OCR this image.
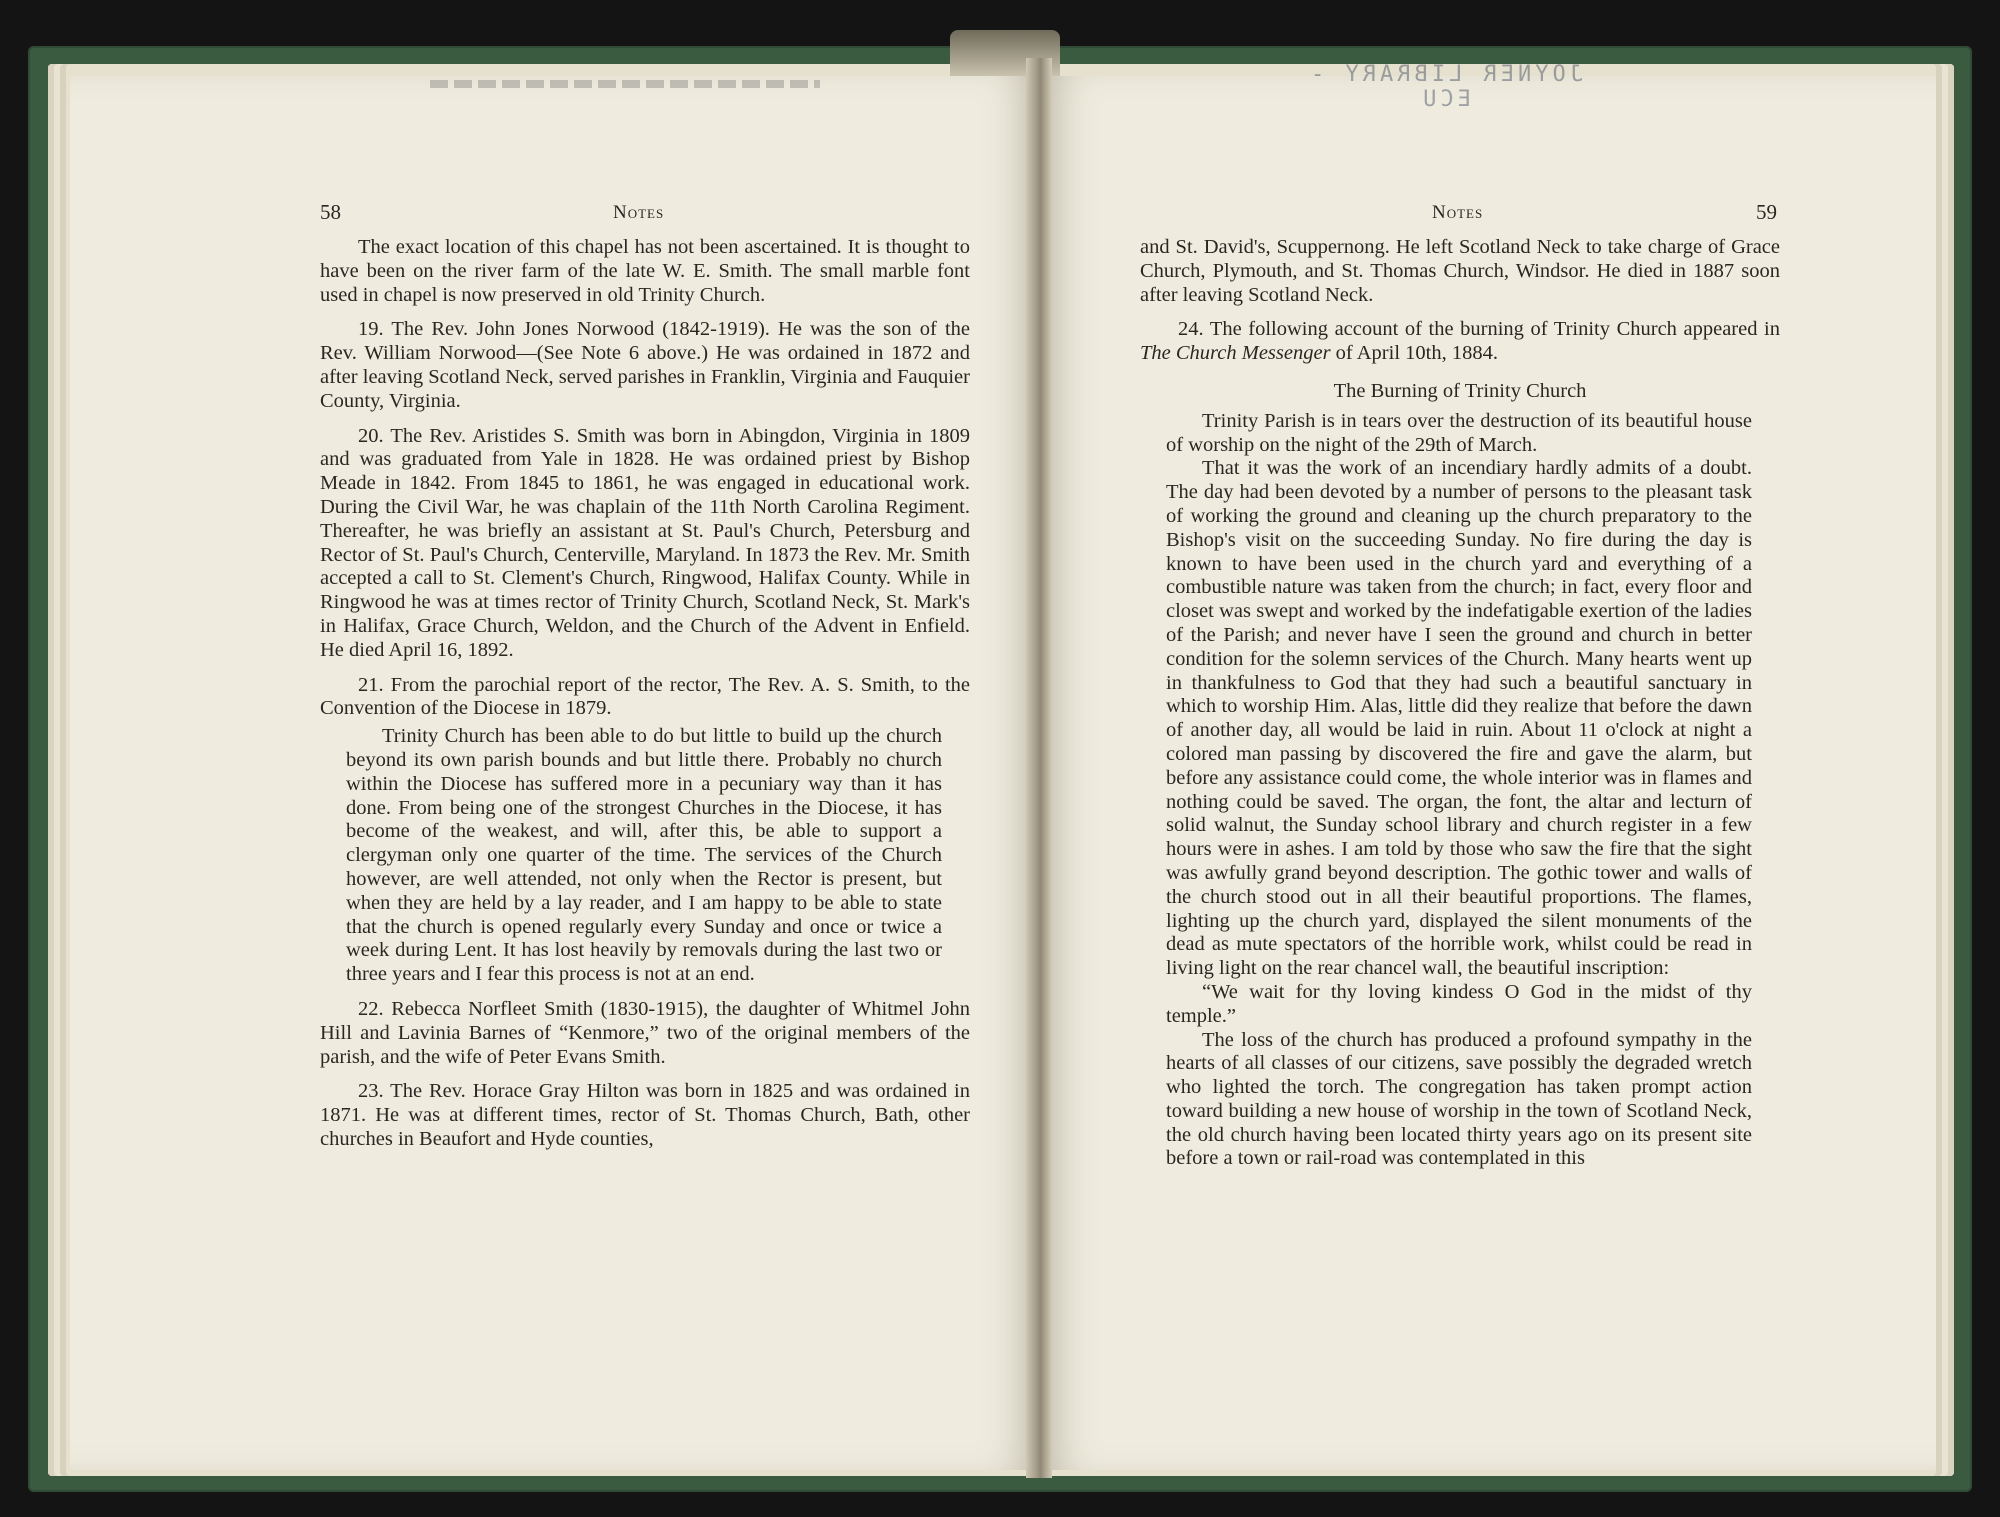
JOYNER LIBRARY - ECU
58	Notes

The exact location of this chapel has not been ascertained. It is thought to have been on the river farm of the late W. E. Smith. The small marble font used in chapel is now preserved in old Trinity Church.

19. The Rev. John Jones Norwood (1842-1919). He was the son of the Rev. William Norwood—(See Note 6 above.) He was ordained in 1872 and after leaving Scotland Neck, served parishes in Franklin, Virginia and Fauquier County, Virginia.

20. The Rev. Aristides S. Smith was born in Abingdon, Virginia in 1809 and was graduated from Yale in 1828. He was ordained priest by Bishop Meade in 1842. From 1845 to 1861, he was engaged in educational work. During the Civil War, he was chaplain of the 11th North Carolina Regiment. Thereafter, he was briefly an assistant at St. Paul's Church, Petersburg and Rector of St. Paul's Church, Centerville, Maryland. In 1873 the Rev. Mr. Smith accepted a call to St. Clement's Church, Ringwood, Halifax County. While in Ringwood he was at times rector of Trinity Church, Scotland Neck, St. Mark's in Halifax, Grace Church, Weldon, and the Church of the Advent in Enfield. He died April 16, 1892.

21. From the parochial report of the rector, The Rev. A. S. Smith, to the Convention of the Diocese in 1879.

Trinity Church has been able to do but little to build up the church beyond its own parish bounds and but little there. Probably no church within the Diocese has suffered more in a pecuniary way than it has done. From being one of the strongest Churches in the Diocese, it has become of the weakest, and will, after this, be able to support a clergyman only one quarter of the time. The services of the Church however, are well attended, not only when the Rector is present, but when they are held by a lay reader, and I am happy to be able to state that the church is opened regularly every Sunday and once or twice a week during Lent. It has lost heavily by removals during the last two or three years and I fear this process is not at an end.

22. Rebecca Norfleet Smith (1830-1915), the daughter of Whitmel John Hill and Lavinia Barnes of “Kenmore,” two of the original members of the parish, and the wife of Peter Evans Smith.

23. The Rev. Horace Gray Hilton was born in 1825 and was ordained in 1871. He was at different times, rector of St. Thomas Church, Bath, other churches in Beaufort and Hyde counties,

Notes	59

and St. David's, Scuppernong. He left Scotland Neck to take charge of Grace Church, Plymouth, and St. Thomas Church, Windsor. He died in 1887 soon after leaving Scotland Neck.

24. The following account of the burning of Trinity Church appeared in The Church Messenger of April 10th, 1884.

The Burning of Trinity Church

Trinity Parish is in tears over the destruction of its beautiful house of worship on the night of the 29th of March.

That it was the work of an incendiary hardly admits of a doubt. The day had been devoted by a number of persons to the pleasant task of working the ground and cleaning up the church preparatory to the Bishop's visit on the succeeding Sunday. No fire during the day is known to have been used in the church yard and everything of a combustible nature was taken from the church; in fact, every floor and closet was swept and worked by the indefatigable exertion of the ladies of the Parish; and never have I seen the ground and church in better condition for the solemn services of the Church. Many hearts went up in thankfulness to God that they had such a beautiful sanctuary in which to worship Him. Alas, little did they realize that before the dawn of another day, all would be laid in ruin. About 11 o'clock at night a colored man passing by discovered the fire and gave the alarm, but before any assistance could come, the whole interior was in flames and nothing could be saved. The organ, the font, the altar and lecturn of solid walnut, the Sunday school library and church register in a few hours were in ashes. I am told by those who saw the fire that the sight was awfully grand beyond description. The gothic tower and walls of the church stood out in all their beautiful proportions. The flames, lighting up the church yard, displayed the silent monuments of the dead as mute spectators of the horrible work, whilst could be read in living light on the rear chancel wall, the beautiful inscription:

“We wait for thy loving kindess O God in the midst of thy temple.”

The loss of the church has produced a profound sympathy in the hearts of all classes of our citizens, save possibly the degraded wretch who lighted the torch. The congregation has taken prompt action toward building a new house of worship in the town of Scotland Neck, the old church having been located thirty years ago on its present site before a town or rail-road was contemplated in this
